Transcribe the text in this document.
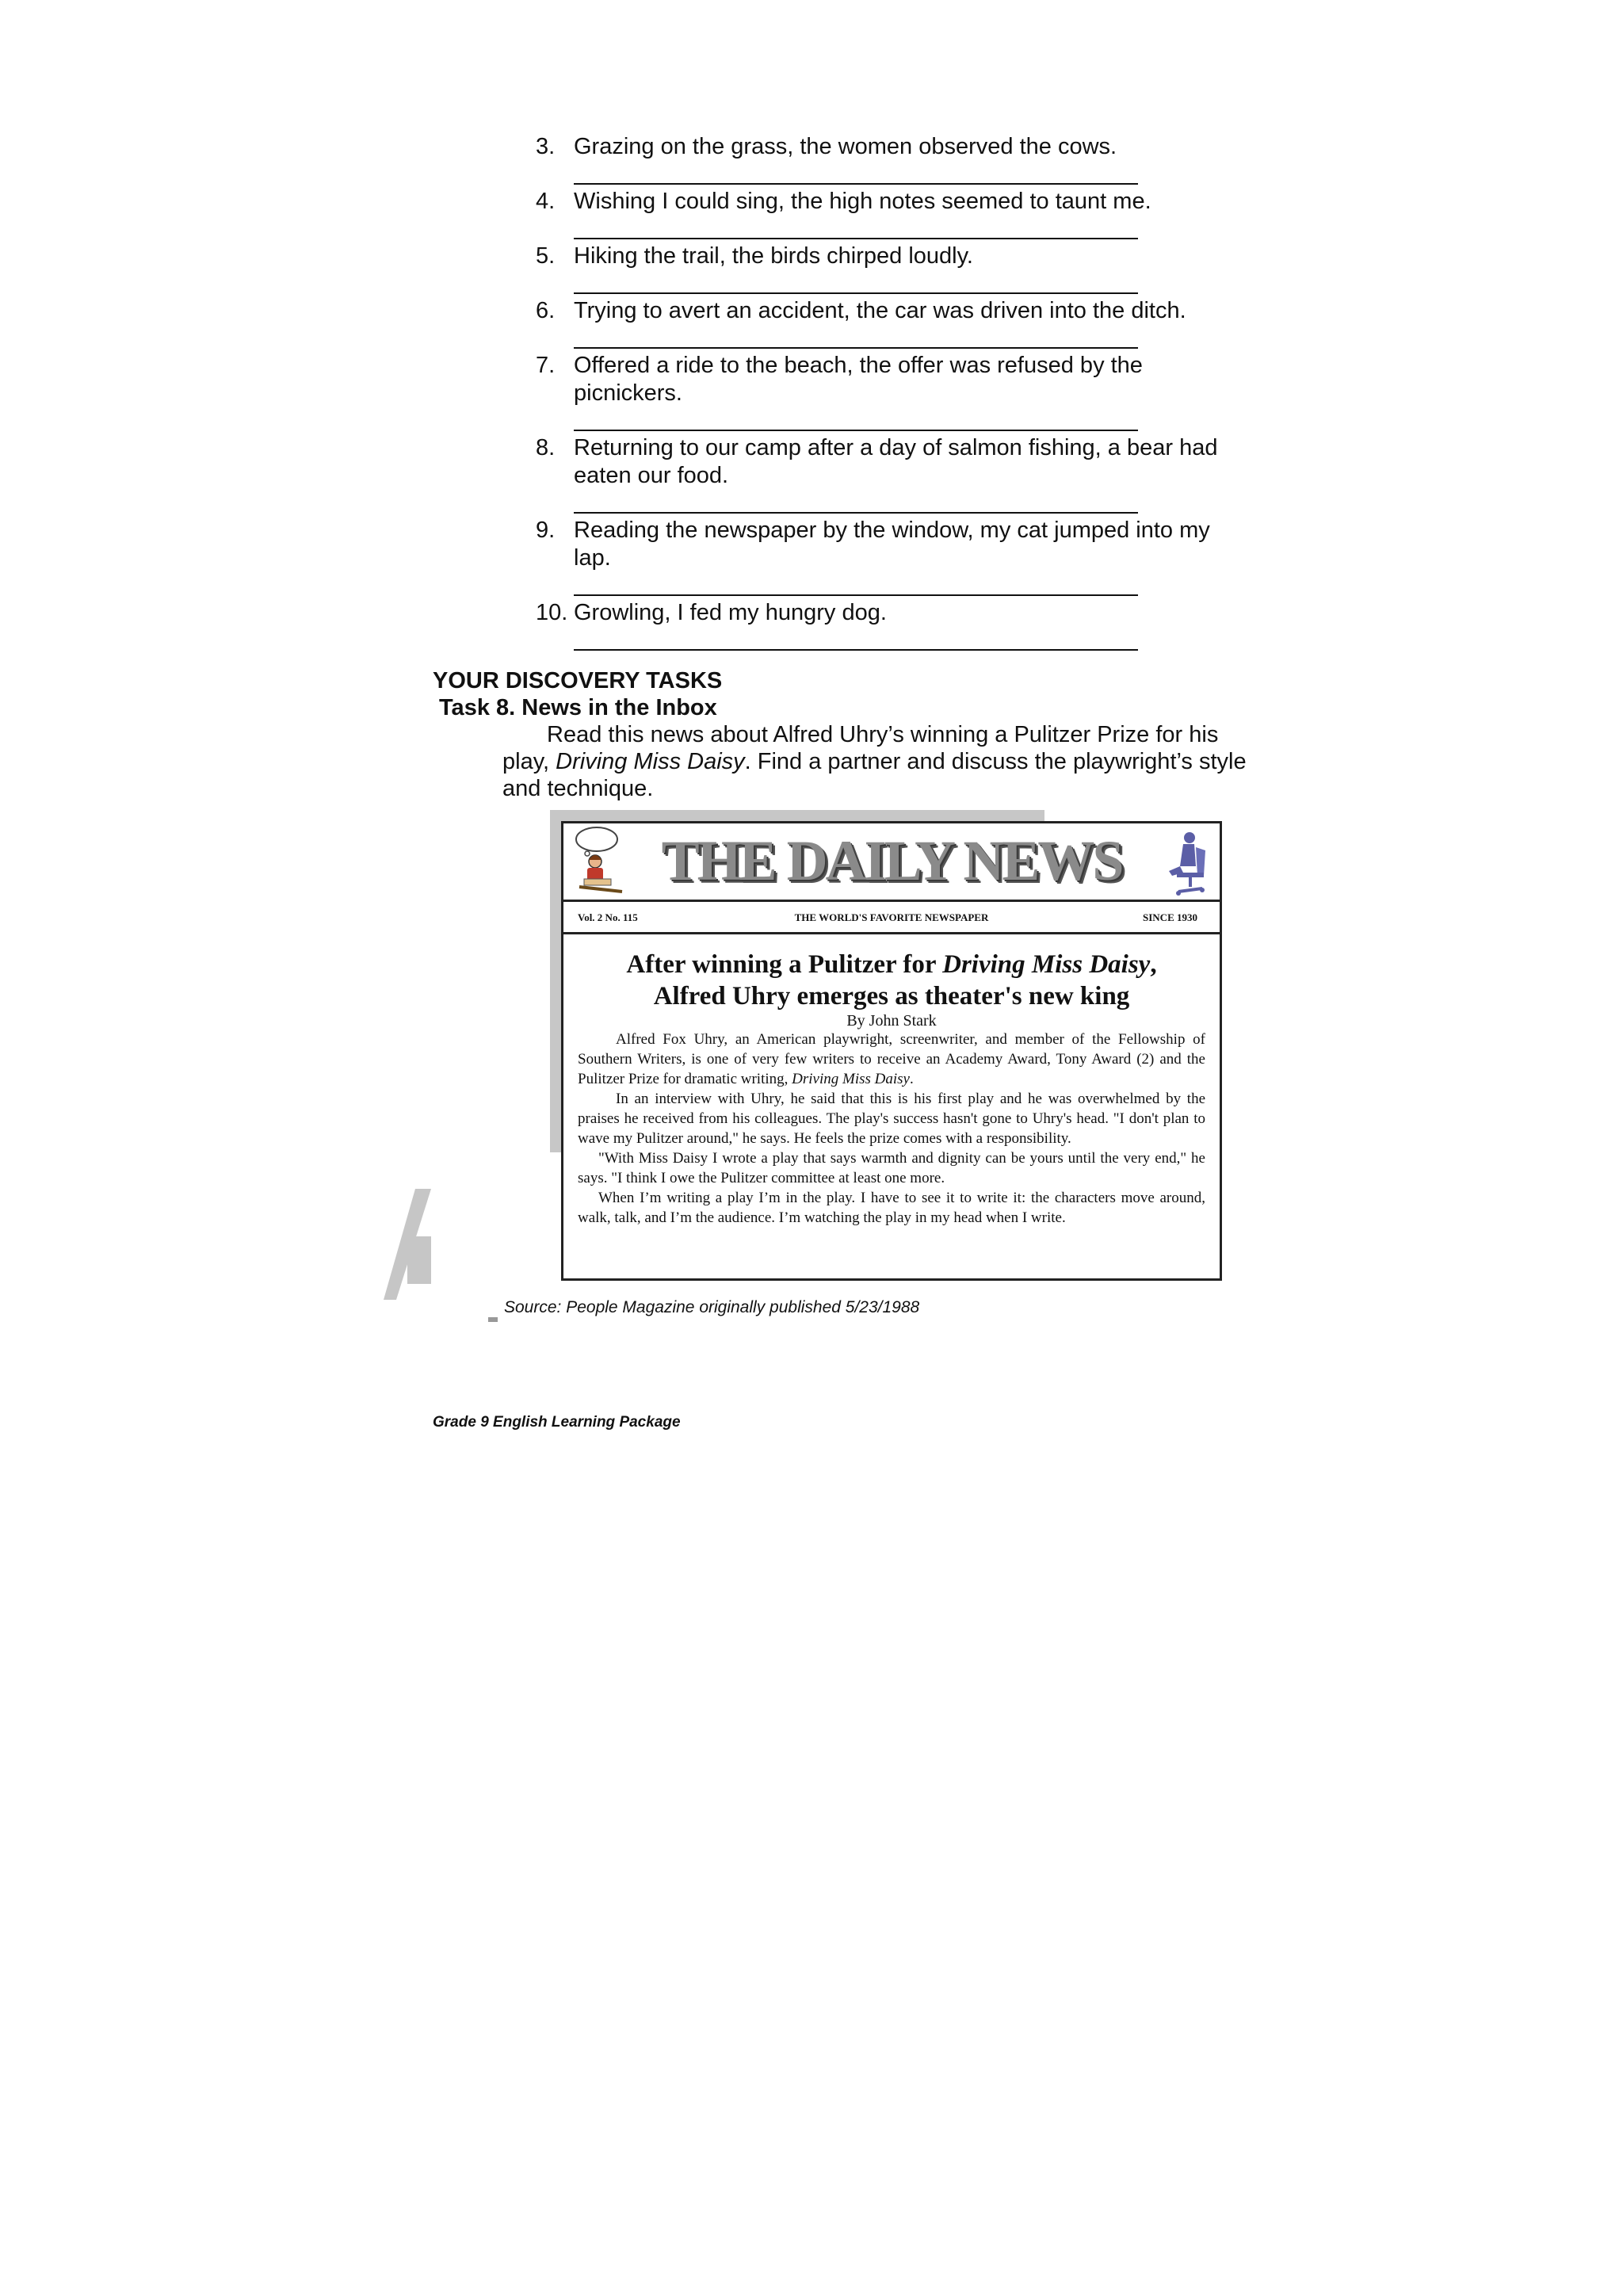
3. Grazing on the grass, the women observed the cows.
4. Wishing I could sing, the high notes seemed to taunt me.
5. Hiking the trail, the birds chirped loudly.
6. Trying to avert an accident, the car was driven into the ditch.
7. Offered a ride to the beach, the offer was refused by the picnickers.
8. Returning to our camp after a day of salmon fishing, a bear had eaten our food.
9. Reading the newspaper by the window, my cat jumped into my lap.
10. Growling, I fed my hungry dog.
YOUR DISCOVERY TASKS
Task 8. News in the Inbox
Read this news about Alfred Uhry’s winning a Pulitzer Prize for his play, Driving Miss Daisy. Find a partner and discuss the playwright’s style and technique.
THE DAILY NEWS
Vol. 2 No. 115	THE WORLD'S FAVORITE NEWSPAPER	SINCE 1930
After winning a Pulitzer for Driving Miss Daisy,
Alfred Uhry emerges as theater's new king
By John Stark

Alfred Fox Uhry, an American playwright, screenwriter, and member of the Fellowship of Southern Writers, is one of very few writers to receive an Academy Award, Tony Award (2) and the Pulitzer Prize for dramatic writing, Driving Miss Daisy.

In an interview with Uhry, he said that this is his first play and he was overwhelmed by the praises he received from his colleagues. The play's success hasn't gone to Uhry's head. "I don't plan to wave my Pulitzer around," he says. He feels the prize comes with a responsibility.

"With Miss Daisy I wrote a play that says warmth and dignity can be yours until the very end," he says. "I think I owe the Pulitzer committee at least one more.

When I’m writing a play I’m in the play. I have to see it to write it: the characters move around, walk, talk, and I’m the audience. I’m watching the play in my head when I write.

Source: People Magazine originally published 5/23/1988
Grade 9 English Learning Package
